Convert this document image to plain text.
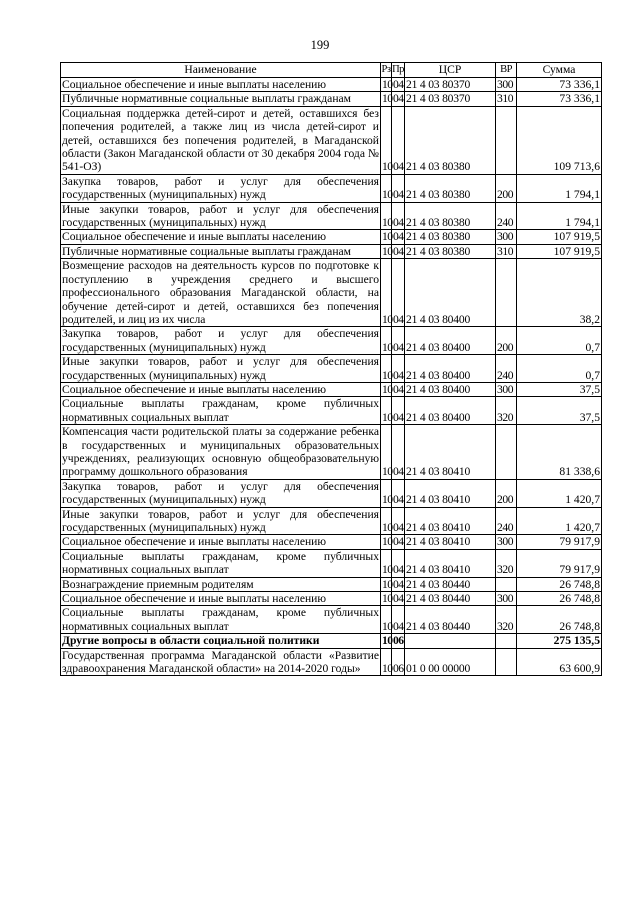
199
Наименование	Рз	Пр	ЦСР	ВР	Сумма
Социальное обеспечение и иные выплаты населению	10	04	21 4 03 80370	300	73 336,1
Публичные нормативные социальные выплаты гражданам	10	04	21 4 03 80370	310	73 336,1
Социальная поддержка детей-сирот и детей, оставшихся без попечения родителей, а также лиц из числа детей-сирот и детей, оставшихся без попечения родителей, в Магаданской области (Закон Магаданской области от 30 декабря 2004 года № 541-ОЗ)	10	04	21 4 03 80380		109 713,6
Закупка товаров, работ и услуг для обеспечения государственных (муниципальных) нужд	10	04	21 4 03 80380	200	1 794,1
Иные закупки товаров, работ и услуг для обеспечения государственных (муниципальных) нужд	10	04	21 4 03 80380	240	1 794,1
Социальное обеспечение и иные выплаты населению	10	04	21 4 03 80380	300	107 919,5
Публичные нормативные социальные выплаты гражданам	10	04	21 4 03 80380	310	107 919,5
Возмещение расходов на деятельность курсов по подготовке к поступлению в учреждения среднего и высшего профессионального образования Магаданской области, на обучение детей-сирот и детей, оставшихся без попечения родителей, и лиц из их числа	10	04	21 4 03 80400		38,2
Закупка товаров, работ и услуг для обеспечения государственных (муниципальных) нужд	10	04	21 4 03 80400	200	0,7
Иные закупки товаров, работ и услуг для обеспечения государственных (муниципальных) нужд	10	04	21 4 03 80400	240	0,7
Социальное обеспечение и иные выплаты населению	10	04	21 4 03 80400	300	37,5
Социальные выплаты гражданам, кроме публичных нормативных социальных выплат	10	04	21 4 03 80400	320	37,5
Компенсация части родительской платы за содержание ребенка в государственных и муниципальных образовательных учреждениях, реализующих основную общеобразовательную программу дошкольного образования	10	04	21 4 03 80410		81 338,6
Закупка товаров, работ и услуг для обеспечения государственных (муниципальных) нужд	10	04	21 4 03 80410	200	1 420,7
Иные закупки товаров, работ и услуг для обеспечения государственных (муниципальных) нужд	10	04	21 4 03 80410	240	1 420,7
Социальное обеспечение и иные выплаты населению	10	04	21 4 03 80410	300	79 917,9
Социальные выплаты гражданам, кроме публичных нормативных социальных выплат	10	04	21 4 03 80410	320	79 917,9
Вознаграждение приемным родителям	10	04	21 4 03 80440		26 748,8
Социальное обеспечение и иные выплаты населению	10	04	21 4 03 80440	300	26 748,8
Социальные выплаты гражданам, кроме публичных нормативных социальных выплат	10	04	21 4 03 80440	320	26 748,8
Другие вопросы в области социальной политики	10	06			275 135,5
Государственная программа Магаданской области «Развитие здравоохранения Магаданской области» на 2014-2020 годы»	10	06	01 0 00 00000		63 600,9
